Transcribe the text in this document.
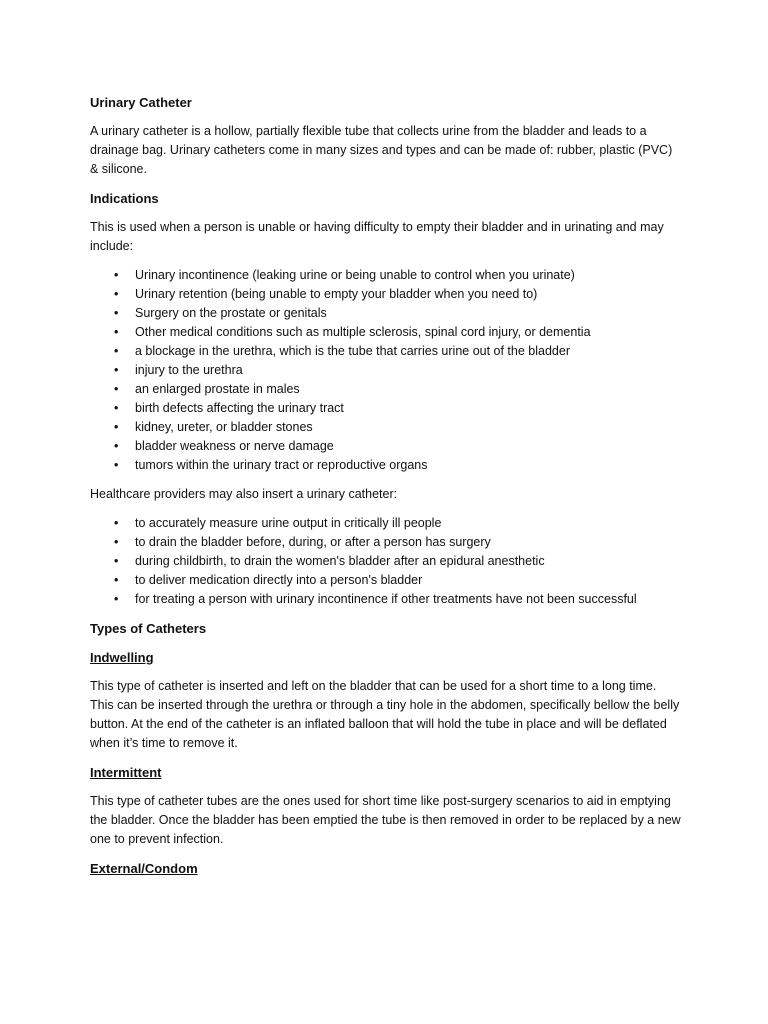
Urinary Catheter

A urinary catheter is a hollow, partially flexible tube that collects urine from the bladder and leads to a drainage bag. Urinary catheters come in many sizes and types and can be made of: rubber, plastic (PVC) & silicone.

Indications

This is used when a person is unable or having difficulty to empty their bladder and in urinating and may include:

• Urinary incontinence (leaking urine or being unable to control when you urinate)
• Urinary retention (being unable to empty your bladder when you need to)
• Surgery on the prostate or genitals
• Other medical conditions such as multiple sclerosis, spinal cord injury, or dementia
• a blockage in the urethra, which is the tube that carries urine out of the bladder
• injury to the urethra
• an enlarged prostate in males
• birth defects affecting the urinary tract
• kidney, ureter, or bladder stones
• bladder weakness or nerve damage
• tumors within the urinary tract or reproductive organs

Healthcare providers may also insert a urinary catheter:

• to accurately measure urine output in critically ill people
• to drain the bladder before, during, or after a person has surgery
• during childbirth, to drain the women's bladder after an epidural anesthetic
• to deliver medication directly into a person's bladder
• for treating a person with urinary incontinence if other treatments have not been successful
Types of Catheters
Indwelling

This type of catheter is inserted and left on the bladder that can be used for a short time to a long time. This can be inserted through the urethra or through a tiny hole in the abdomen, specifically bellow the belly button. At the end of the catheter is an inflated balloon that will hold the tube in place and will be deflated when it’s time to remove it.

Intermittent

This type of catheter tubes are the ones used for short time like post-surgery scenarios to aid in emptying the bladder. Once the bladder has been emptied the tube is then removed in order to be replaced by a new one to prevent infection.

External/Condom
